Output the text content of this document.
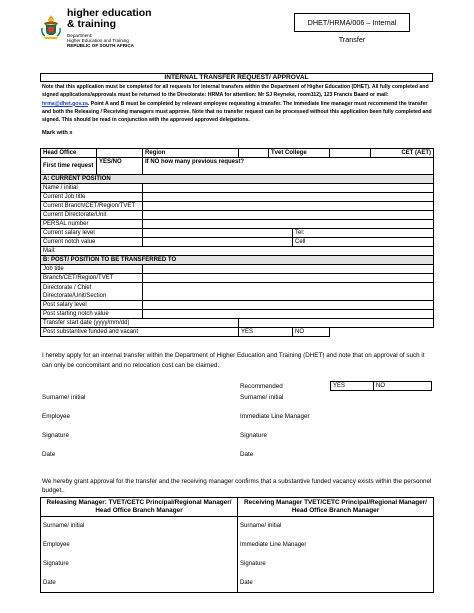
higher education
& training
Department:
Higher Education and Training
REPUBLIC OF SOUTH AFRICA
DHET/HRMA/006 – Internal Transfer
INTERNAL TRANSFER REQUEST/ APPROVAL
Note that this application must be completed for all requests for internal transfers within the Department of Higher Education (DHET). All fully completed and signed applications/approvals must be returned to the Directorate: HRMA for attention: Mr SJ Reyneke, room112), 123 Francis Baard or mail: hrma@dhet.gov.za. Point A and B must be completed by relevant employee requesting a transfer. The immediate line manager must recommend the transfer and both the Releasing / Receiving managers must approve. Note that no transfer request can be processed without this application been fully completed and signed. This should be read in conjunction with the approved approved delegations.
Mark with x
Head Office		Region		Tvet College			CET (AET)
First time request	YES/NO	If NO how many previous request?					
A: CURRENT POSITION							
Name / initial							
Current Job title							
Current Branch/CET/Region/TVET							
Current Directorate/Unit							
PERSAL number							
Current salary level					Tel:		
Current notch value					Cell		
Mail:							
B: POST/ POSITION TO BE TRANSFERRED TO							
Job title							
Branch/CET/Region/TVET							
Directorate / Chief
Directorate/Unit/Section							
Post salary level							
Post starting notch value							
Transfer start date (yyyy/mm/dd)							
Post substantive funded and vacant			YES		NO		
I hereby apply for an internal transfer within the Department of Higher Education and Training (DHET) and note that on approval of such it can only be concomitant and no relocation cost can be claimed.
Recommended	YES	NO
Surname/ initial
Employee
Signature
Date
Surname/ initial
Immediate Line Manager
Signature
Date
We hereby grant approval for the transfer and the receiving manager confirms that a substantive funded vacancy exists within the personnel budget..
Releasing Manager: TVET/CETC Principal/Regional Manager/ Head Office Branch Manager	Receiving Manager TVET/CETC Principal/Regional Manager/ Head Office Branch Manager
Surname/ initial	Surname/ initial
Employee	Immediate Line Manager
Signature	Signature
Date	Date
